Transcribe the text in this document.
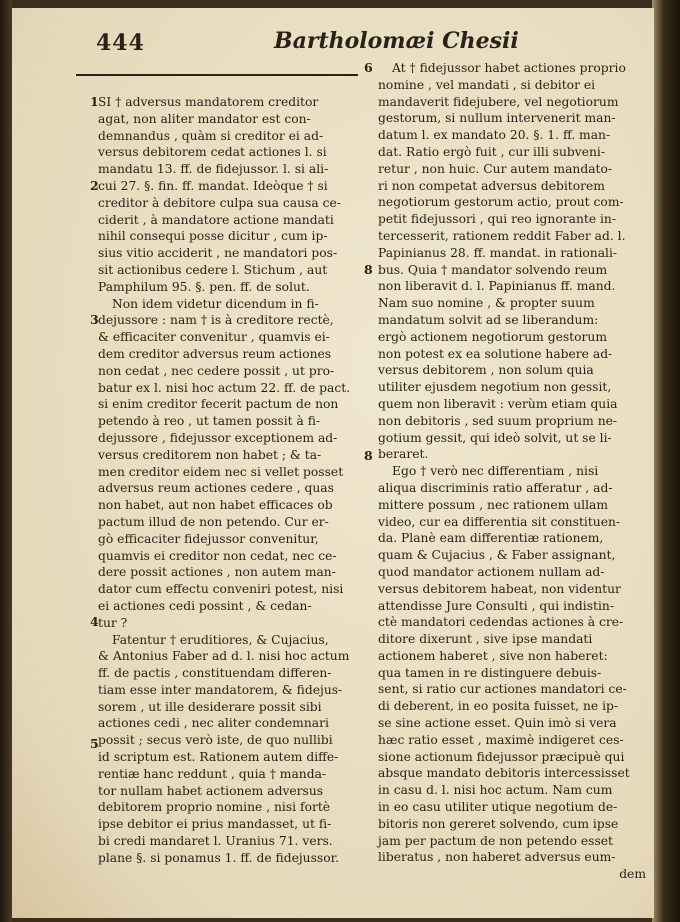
444	Bartholomæi Chesii
1
2
3
4
5
6
8
8
SI † adversus mandatorem creditor
agat, non aliter mandator est con-
demnandus , quàm si creditor ei ad-
versus debitorem cedat actiones l. si
mandatu 13. ff. de fidejussor. l. si ali-
cui 27. §. fin. ff. mandat. Ideòque † si
creditor à debitore culpa sua causa ce-
ciderit , à mandatore actione mandati
nihil consequi posse dicitur , cum ip-
sius vitio acciderit , ne mandatori pos-
sit actionibus cedere l. Stichum , aut
Pamphilum 95. §. pen. ff. de solut.
Non idem videtur dicendum in fi-
dejussore : nam † is à creditore rectè,
& efficaciter convenitur , quamvis ei-
dem creditor adversus reum actiones
non cedat , nec cedere possit , ut pro-
batur ex l. nisi hoc actum 22. ff. de pact.
si enim creditor fecerit pactum de non
petendo à reo , ut tamen possit à fi-
dejussore , fidejussor exceptionem ad-
versus creditorem non habet ; & ta-
men creditor eidem nec si vellet posset
adversus reum actiones cedere , quas
non habet, aut non habet efficaces ob
pactum illud de non petendo. Cur er-
gò efficaciter fidejussor convenitur,
quamvis ei creditor non cedat, nec ce-
dere possit actiones , non autem man-
dator cum effectu conveniri potest, nisi
ei actiones cedi possint , & cedan-
tur ?
Fatentur † eruditiores, & Cujacius,
& Antonius Faber ad d. l. nisi hoc actum
ff. de pactis , constituendam differen-
tiam esse inter mandatorem, & fidejus-
sorem , ut ille desiderare possit sibi
actiones cedi , nec aliter condemnari
possit ; secus verò iste, de quo nullibi
id scriptum est. Rationem autem diffe-
rentiæ hanc reddunt , quia † manda-
tor nullam habet actionem adversus
debitorem proprio nomine , nisi fortè
ipse debitor ei prius mandasset, ut fi-
bi credi mandaret l. Uranius 71. vers.
plane §. si ponamus 1. ff. de fidejussor.
At † fidejussor habet actiones proprio
nomine , vel mandati , si debitor ei
mandaverit fidejubere, vel negotiorum
gestorum, si nullum intervenerit man-
datum l. ex mandato 20. §. 1. ff. man-
dat. Ratio ergò fuit , cur illi subveni-
retur , non huic. Cur autem mandato-
ri non competat adversus debitorem
negotiorum gestorum actio, prout com-
petit fidejussori , qui reo ignorante in-
tercesserit, rationem reddit Faber ad. l.
Papinianus 28. ff. mandat. in rationali-
bus. Quia † mandator solvendo reum
non liberavit d. l. Papinianus ff. mand.
Nam suo nomine , & propter suum
mandatum solvit ad se liberandum:
ergò actionem negotiorum gestorum
non potest ex ea solutione habere ad-
versus debitorem , non solum quia
utiliter ejusdem negotium non gessit,
quem non liberavit : verùm etiam quia
non debitoris , sed suum proprium ne-
gotium gessit, qui ideò solvit, ut se li-
beraret.
Ego † verò nec differentiam , nisi
aliqua discriminis ratio afferatur , ad-
mittere possum , nec rationem ullam
video, cur ea differentia sit constituen-
da. Planè eam differentiæ rationem,
quam & Cujacius , & Faber assignant,
quod mandator actionem nullam ad-
versus debitorem habeat, non videntur
attendisse Jure Consulti , qui indistin-
ctè mandatori cedendas actiones à cre-
ditore dixerunt , sive ipse mandati
actionem haberet , sive non haberet:
qua tamen in re distinguere debuis-
sent, si ratio cur actiones mandatori ce-
di deberent, in eo posita fuisset, ne ip-
se sine actione esset. Quin imò si vera
hæc ratio esset , maximè indigeret ces-
sione actionum fidejussor præcipuè qui
absque mandato debitoris intercessisset
in casu d. l. nisi hoc actum. Nam cum
in eo casu utiliter utique negotium de-
bitoris non gereret solvendo, cum ipse
jam per pactum de non petendo esset
liberatus , non haberet adversus eum-
dem
